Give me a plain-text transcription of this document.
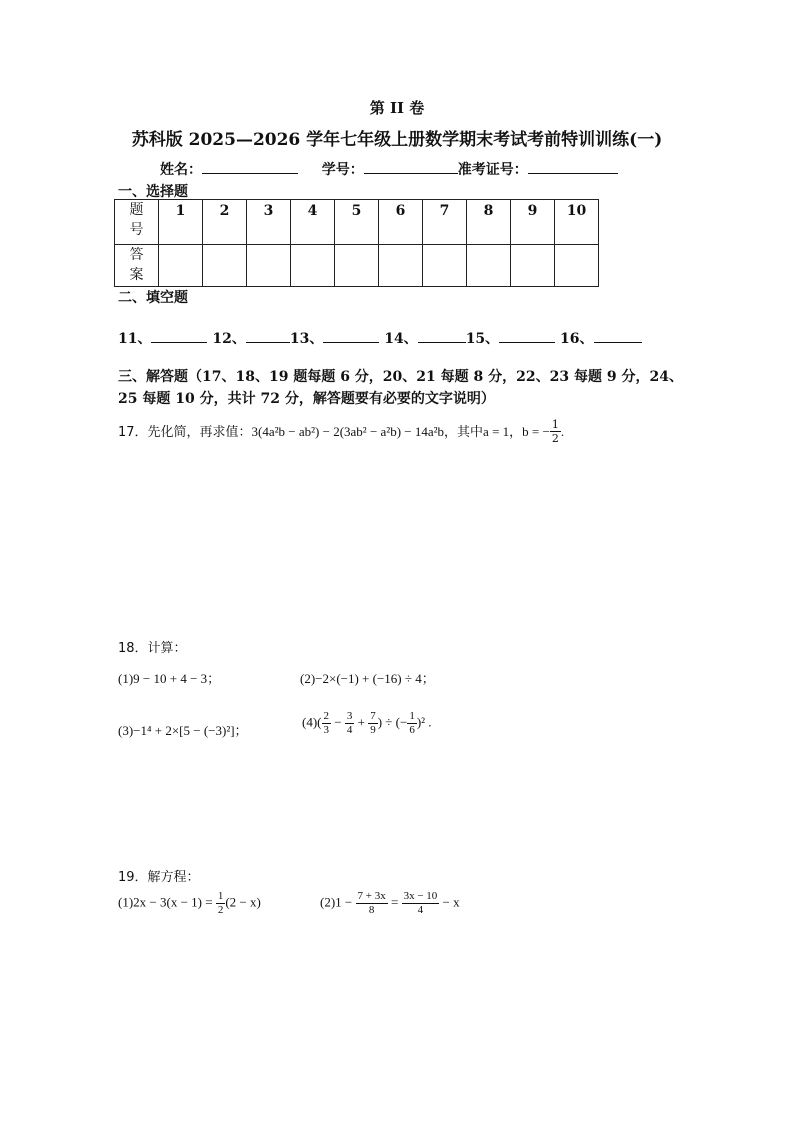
第 II 卷
苏科版 2025—2026 学年七年级上册数学期末考试考前特训训练(一)
姓名：	学号：	准考证号：
一、选择题
题
号	1	2	3	4	5	6	7	8	9	10

答
案										

二、填空题
11、	12、	13、	14、	15、	16、
三、解答题（17、18、19 题每题 6 分，20、21 每题 8 分，22、23 每题 9 分，24、
25 每题 10 分，共计 72 分，解答题要有必要的文字说明）
17．先化简，再求值：3(4a²b − ab²) − 2(3ab² − a²b) − 14a²b，其中a = 1，b = − $\frac{1}{2}$ .
18．计算：
(1)9 − 10 + 4 − 3；	(2)−2×(−1) + (−16) ÷ 4；
(3)−1⁴ + 2×[5 − (−3)²]；
$(4)( \frac{2}{3} - \frac{3}{4} + \frac{7}{9}$ ) ÷ (− $\frac{1}{6} )^2$ .
19．解方程：
$(1)2x - 3(x - 1) = \frac{1}{2} (2 - x)$	$(2)1 - \frac{7 + 3x}{8} = \frac{3x - 10}{4} - x$
